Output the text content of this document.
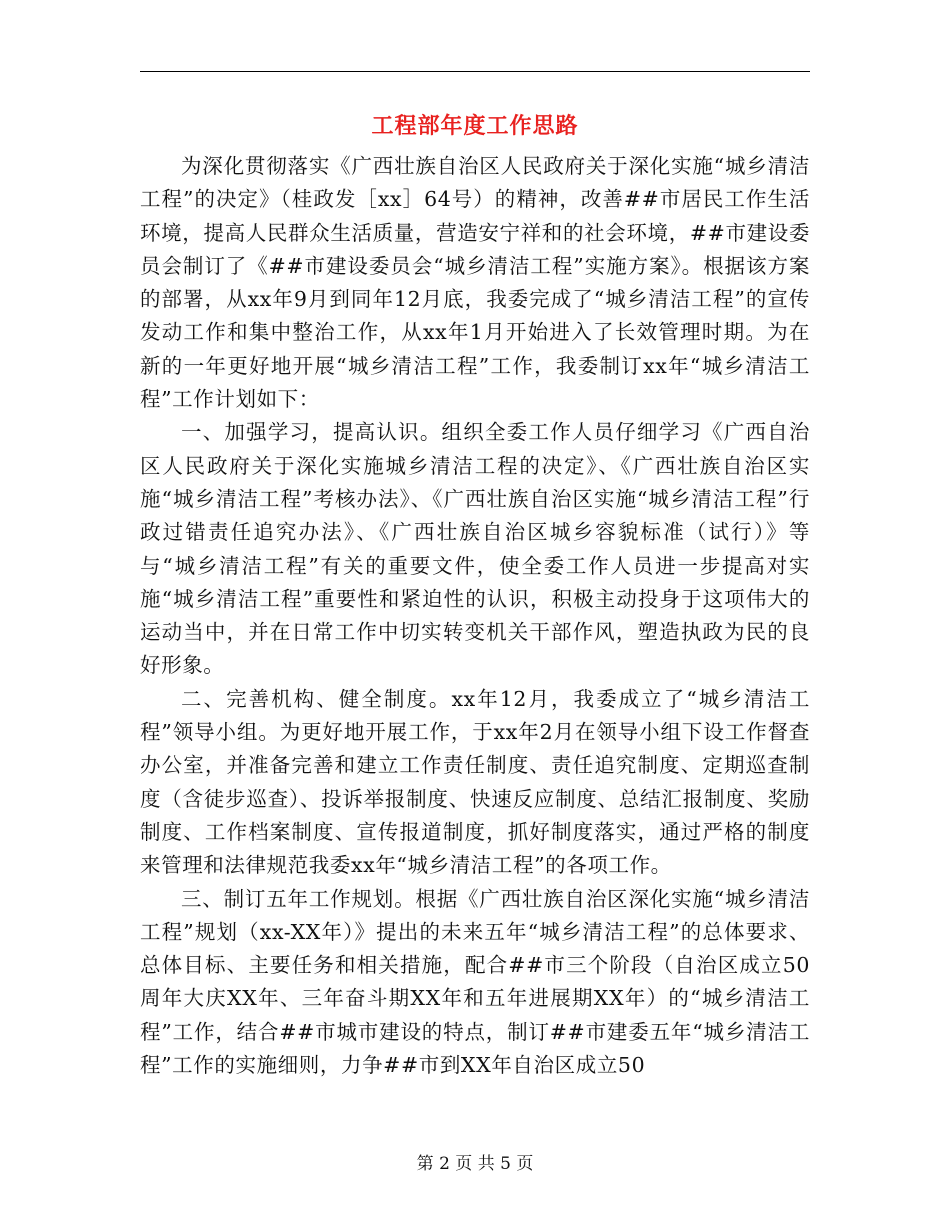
工程部年度工作思路

为深化贯彻落实《广西壮族自治区人民政府关于深化实施“城乡清洁工程”的决定》（桂政发［xx］64号）的精神，改善##市居民工作生活环境，提高人民群众生活质量，营造安宁祥和的社会环境，##市建设委员会制订了《##市建设委员会“城乡清洁工程”实施方案》。根据该方案的部署，从xx年9月到同年12月底，我委完成了“城乡清洁工程”的宣传发动工作和集中整治工作，从xx年1月开始进入了长效管理时期。为在新的一年更好地开展“城乡清洁工程”工作，我委制订xx年“城乡清洁工程”工作计划如下：

一、加强学习，提高认识。组织全委工作人员仔细学习《广西自治区人民政府关于深化实施城乡清洁工程的决定》、《广西壮族自治区实施“城乡清洁工程”考核办法》、《广西壮族自治区实施“城乡清洁工程”行政过错责任追究办法》、《广西壮族自治区城乡容貌标准（试行）》等与“城乡清洁工程”有关的重要文件，使全委工作人员进一步提高对实施“城乡清洁工程”重要性和紧迫性的认识，积极主动投身于这项伟大的运动当中，并在日常工作中切实转变机关干部作风，塑造执政为民的良好形象。

二、完善机构、健全制度。xx年12月，我委成立了“城乡清洁工程”领导小组。为更好地开展工作，于xx年2月在领导小组下设工作督查办公室，并准备完善和建立工作责任制度、责任追究制度、定期巡查制度（含徒步巡查）、投诉举报制度、快速反应制度、总结汇报制度、奖励制度、工作档案制度、宣传报道制度，抓好制度落实，通过严格的制度来管理和法律规范我委xx年“城乡清洁工程”的各项工作。

三、制订五年工作规划。根据《广西壮族自治区深化实施“城乡清洁工程”规划（xx-XX年）》提出的未来五年“城乡清洁工程”的总体要求、总体目标、主要任务和相关措施，配合##市三个阶段（自治区成立50周年大庆XX年、三年奋斗期XX年和五年进展期XX年）的“城乡清洁工程”工作，结合##市城市建设的特点，制订##市建委五年“城乡清洁工程”工作的实施细则，力争##市到XX年自治区成立50

第 2 页 共 5 页
